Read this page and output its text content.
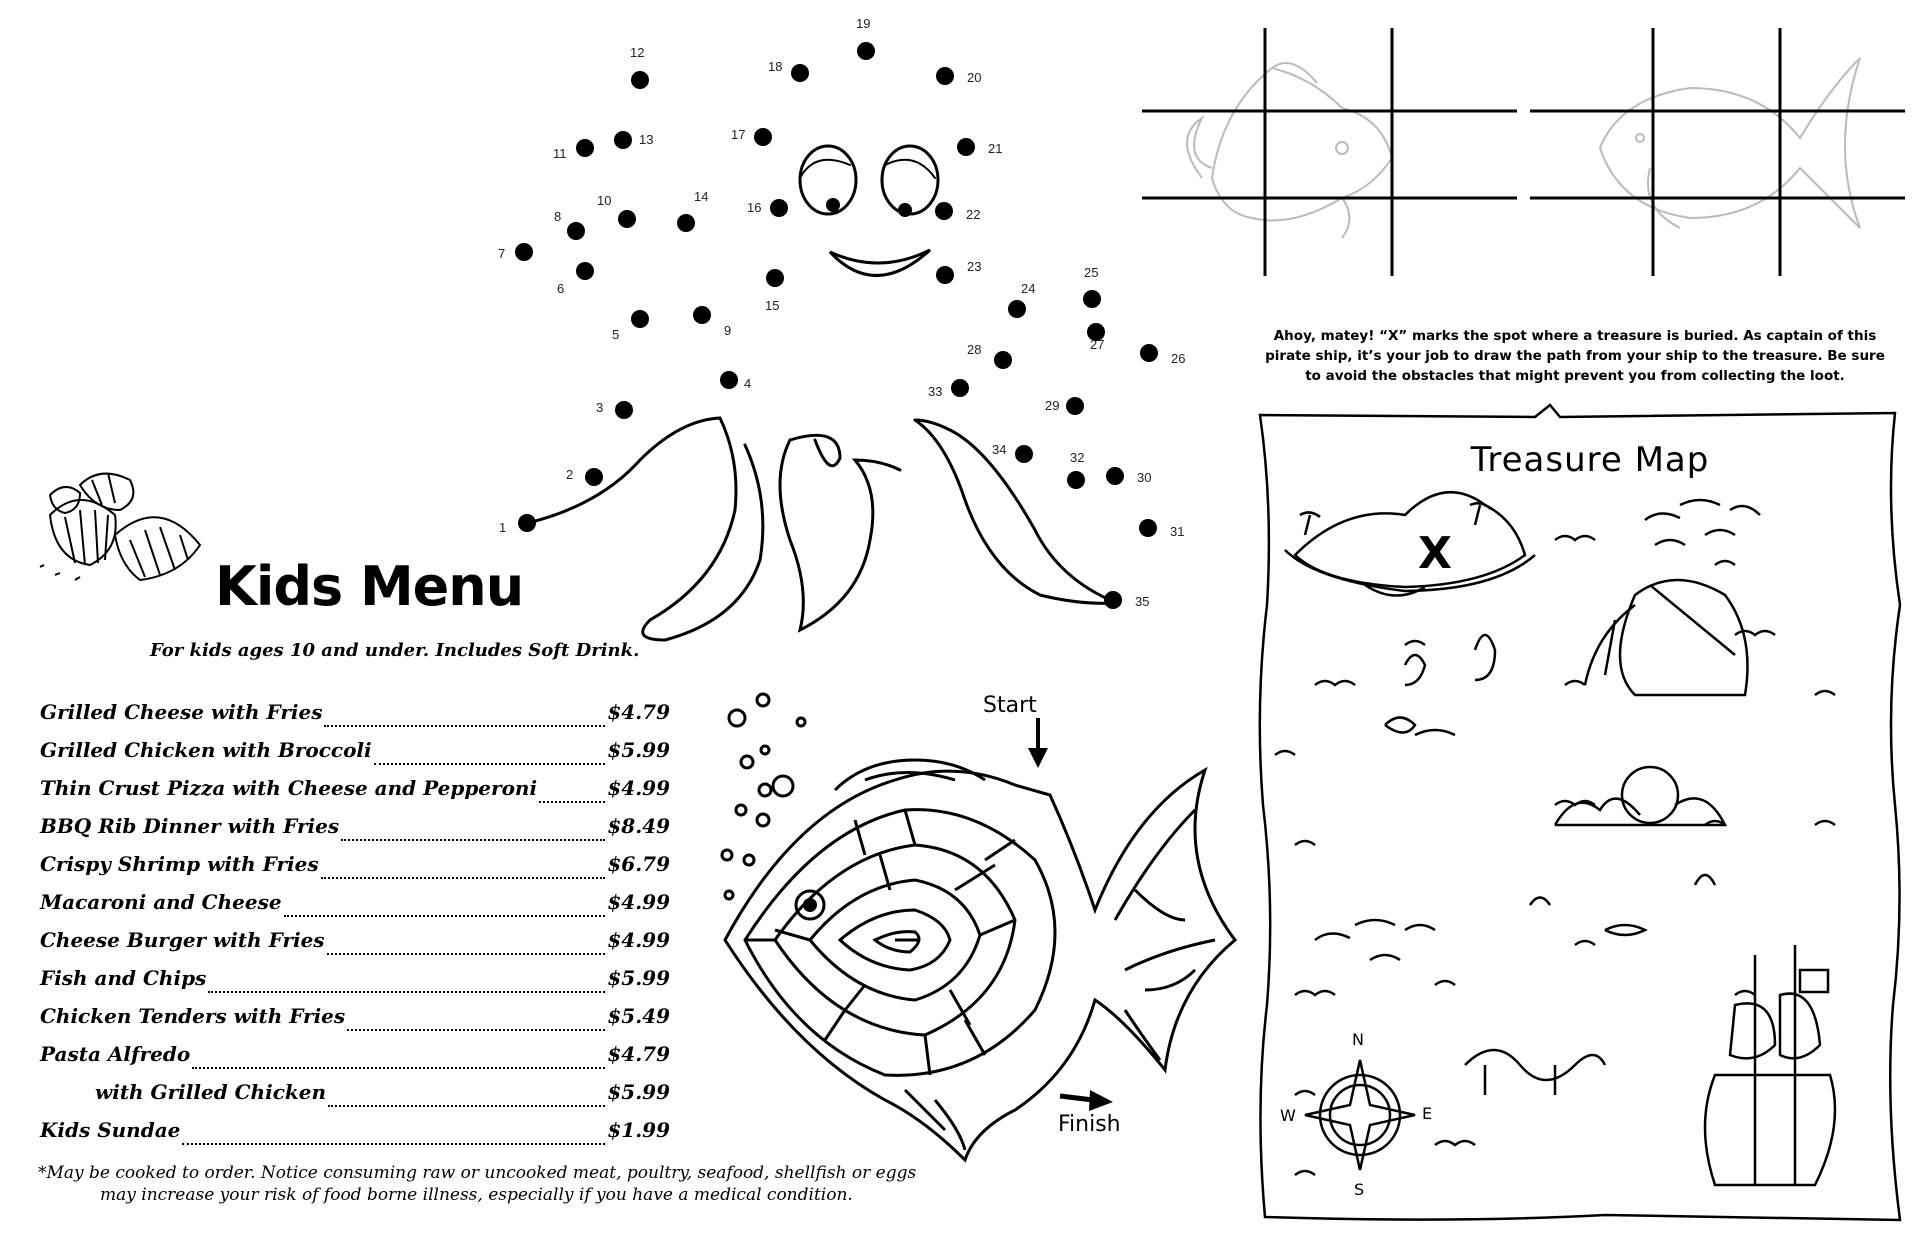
Kids Menu
For kids ages 10 and under. Includes Soft Drink.
Grilled Cheese with Fries	$4.79
Grilled Chicken with Broccoli	$5.99
Thin Crust Pizza with Cheese and Pepperoni	$4.99
BBQ Rib Dinner with Fries	$8.49
Crispy Shrimp with Fries	$6.79
Macaroni and Cheese	$4.99
Cheese Burger with Fries	$4.99
Fish and Chips	$5.99
Chicken Tenders with Fries	$5.49
Pasta Alfredo	$4.79
with Grilled Chicken	$5.99
Kids Sundae	$1.99
*May be cooked to order. Notice consuming raw or uncooked meat, poultry, seafood, shellfish or eggs
may increase your risk of food borne illness, especially if you have a medical condition.
1
2
3
4
5
6
7
8
9
10
11
12
13
14
15
16
17
18
19
20
21
22
23
24
25
26
27
28
29
30
31
32
33
34
35
Start
Finish
Ahoy, matey! “X” marks the spot where a treasure is buried. As captain of this pirate ship, it’s your job to draw the path from your ship to the treasure. Be sure to avoid the obstacles that might prevent you from collecting the loot.
Treasure Map
X
N
S
E
W
